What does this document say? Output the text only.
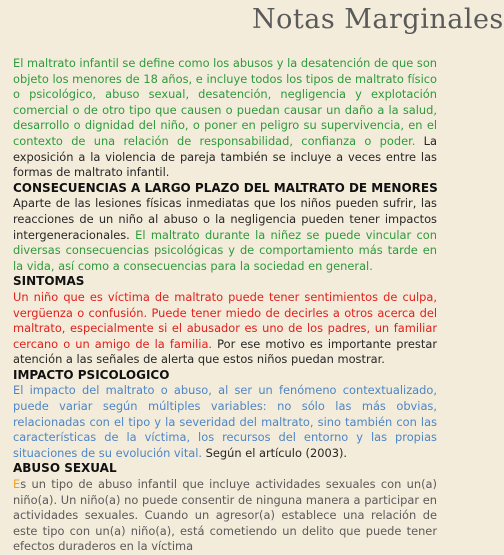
Notas Marginales

El maltrato infantil se define como los abusos y la desatención de que son objeto los menores de 18 años, e incluye todos los tipos de maltrato físico o psicológico, abuso sexual, desatención, negligencia y explotación comercial o de otro tipo que causen o puedan causar un daño a la salud, desarrollo o dignidad del niño, o poner en peligro su supervivencia, en el contexto de una relación de responsabilidad, confianza o poder. La exposición a la violencia de pareja también se incluye a veces entre las formas de maltrato infantil.

CONSECUENCIAS A LARGO PLAZO DEL MALTRATO DE MENORES

Aparte de las lesiones físicas inmediatas que los niños pueden sufrir, las reacciones de un niño al abuso o la negligencia pueden tener impactos intergeneracionales. El maltrato durante la niñez se puede vincular con diversas consecuencias psicológicas y de comportamiento más tarde en la vida, así como a consecuencias para la sociedad en general.

SINTOMAS

Un niño que es víctima de maltrato puede tener sentimientos de culpa, vergüenza o confusión. Puede tener miedo de decirles a otros acerca del maltrato, especialmente si el abusador es uno de los padres, un familiar cercano o un amigo de la familia. Por ese motivo es importante prestar atención a las señales de alerta que estos niños puedan mostrar.

IMPACTO PSICOLOGICO

El impacto del maltrato o abuso, al ser un fenómeno contextualizado, puede variar según múltiples variables: no sólo las más obvias, relacionadas con el tipo y la severidad del maltrato, sino también con las características de la víctima, los recursos del entorno y las propias situaciones de su evolución vital. Según el artículo (2003).

ABUSO SEXUAL

Es un tipo de abuso infantil que incluye actividades sexuales con un(a) niño(a). Un niño(a) no puede consentir de ninguna manera a participar en actividades sexuales. Cuando un agresor(a) establece una relación de este tipo con un(a) niño(a), está cometiendo un delito que puede tener efectos duraderos en la víctima
